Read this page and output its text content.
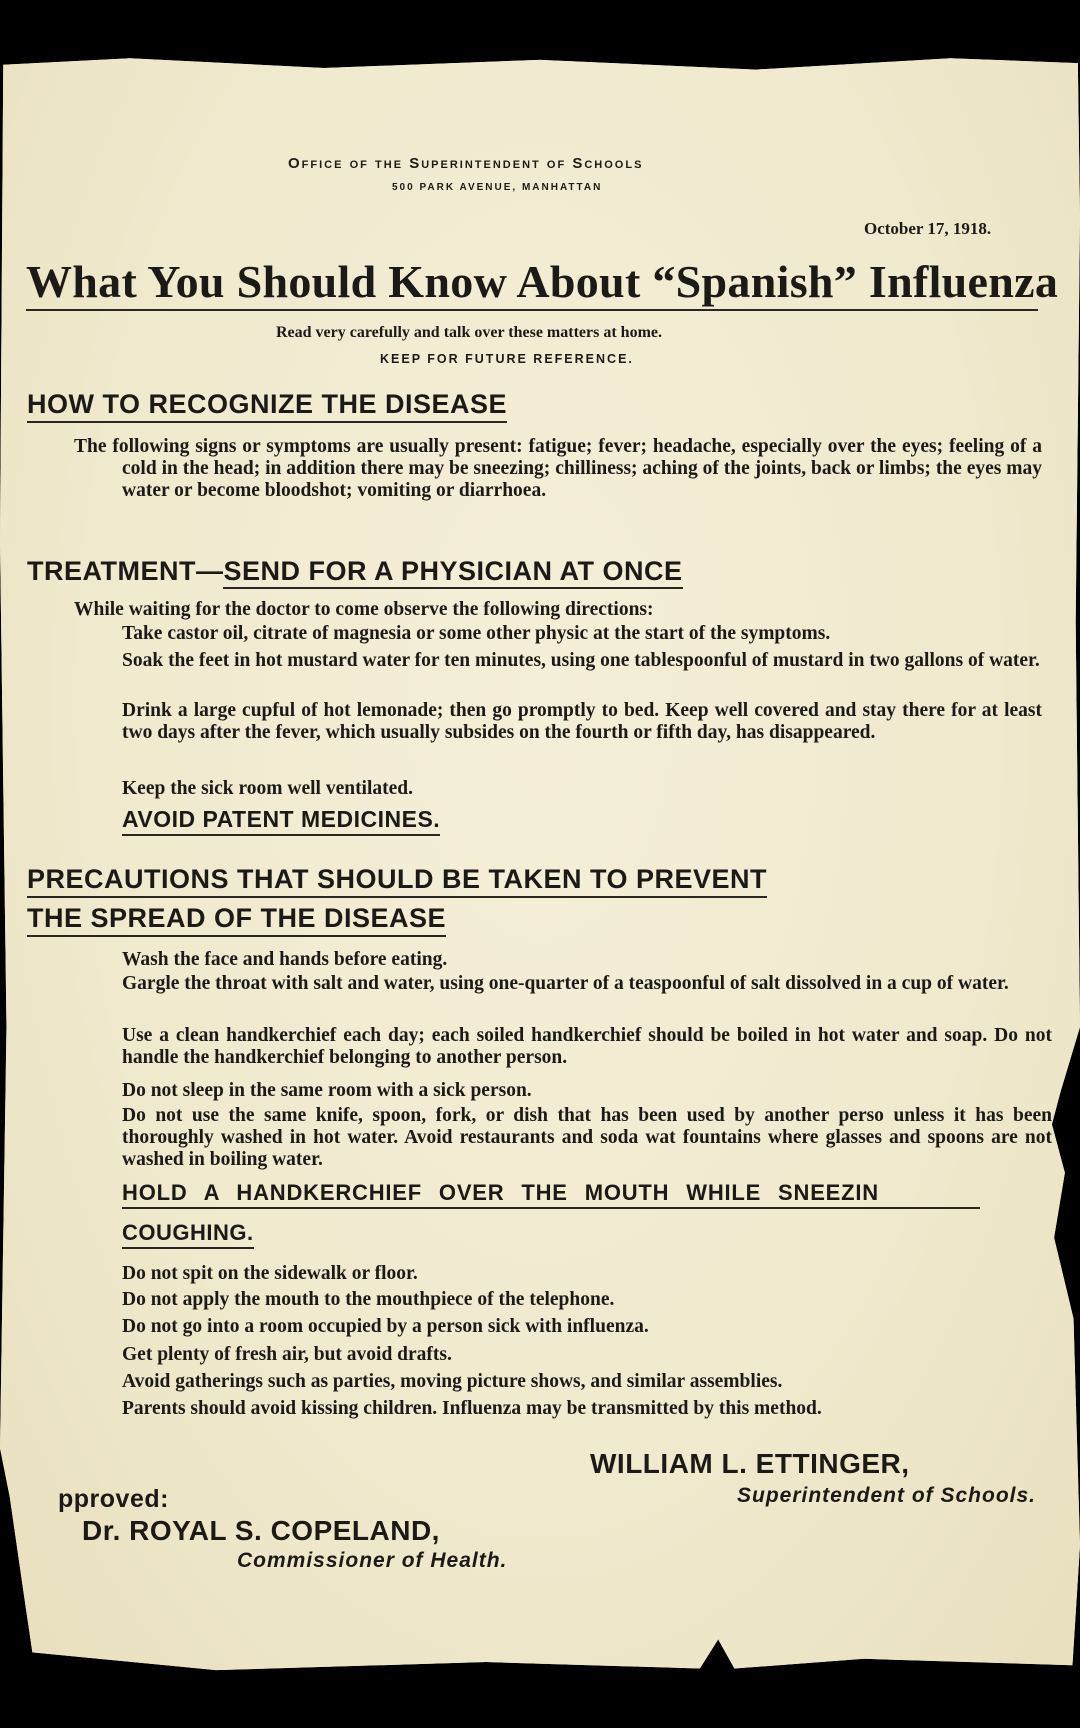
Office of the Superintendent of Schools
500 PARK AVENUE, MANHATTAN
October 17, 1918.
What You Should Know About “Spanish” Influenza
Read very carefully and talk over these matters at home.
KEEP FOR FUTURE REFERENCE.
HOW TO RECOGNIZE THE DISEASE
The following signs or symptoms are usually present: fatigue; fever; headache, especially over the eyes; feeling of a cold in the head; in addition there may be sneezing; chilliness; aching of the joints, back or limbs; the eyes may water or become bloodshot; vomiting or diarrhoea.
TREATMENT—SEND FOR A PHYSICIAN AT ONCE
While waiting for the doctor to come observe the following directions:
Take castor oil, citrate of magnesia or some other physic at the start of the symptoms.
Soak the feet in hot mustard water for ten minutes, using one tablespoonful of mustard in two gallons of water.
Drink a large cupful of hot lemonade; then go promptly to bed. Keep well covered and stay there for at least two days after the fever, which usually subsides on the fourth or fifth day, has disappeared.
Keep the sick room well ventilated.
AVOID PATENT MEDICINES.
PRECAUTIONS THAT SHOULD BE TAKEN TO PREVENT
THE SPREAD OF THE DISEASE
Wash the face and hands before eating.
Gargle the throat with salt and water, using one-quarter of a teaspoonful of salt dissolved in a cup of water.
Use a clean handkerchief each day; each soiled handkerchief should be boiled in hot water and soap. Do not handle the handkerchief belonging to another person.
Do not sleep in the same room with a sick person.
Do not use the same knife, spoon, fork, or dish that has been used by another perso unless it has been thoroughly washed in hot water. Avoid restaurants and soda wat fountains where glasses and spoons are not washed in boiling water.
HOLD A HANDKERCHIEF OVER THE MOUTH WHILE SNEEZIN
COUGHING.
Do not spit on the sidewalk or floor.
Do not apply the mouth to the mouthpiece of the telephone.
Do not go into a room occupied by a person sick with influenza.
Get plenty of fresh air, but avoid drafts.
Avoid gatherings such as parties, moving picture shows, and similar assemblies.
Parents should avoid kissing children. Influenza may be transmitted by this method.
WILLIAM L. ETTINGER,
Superintendent of Schools.
pproved:
Dr. ROYAL S. COPELAND,
Commissioner of Health.
